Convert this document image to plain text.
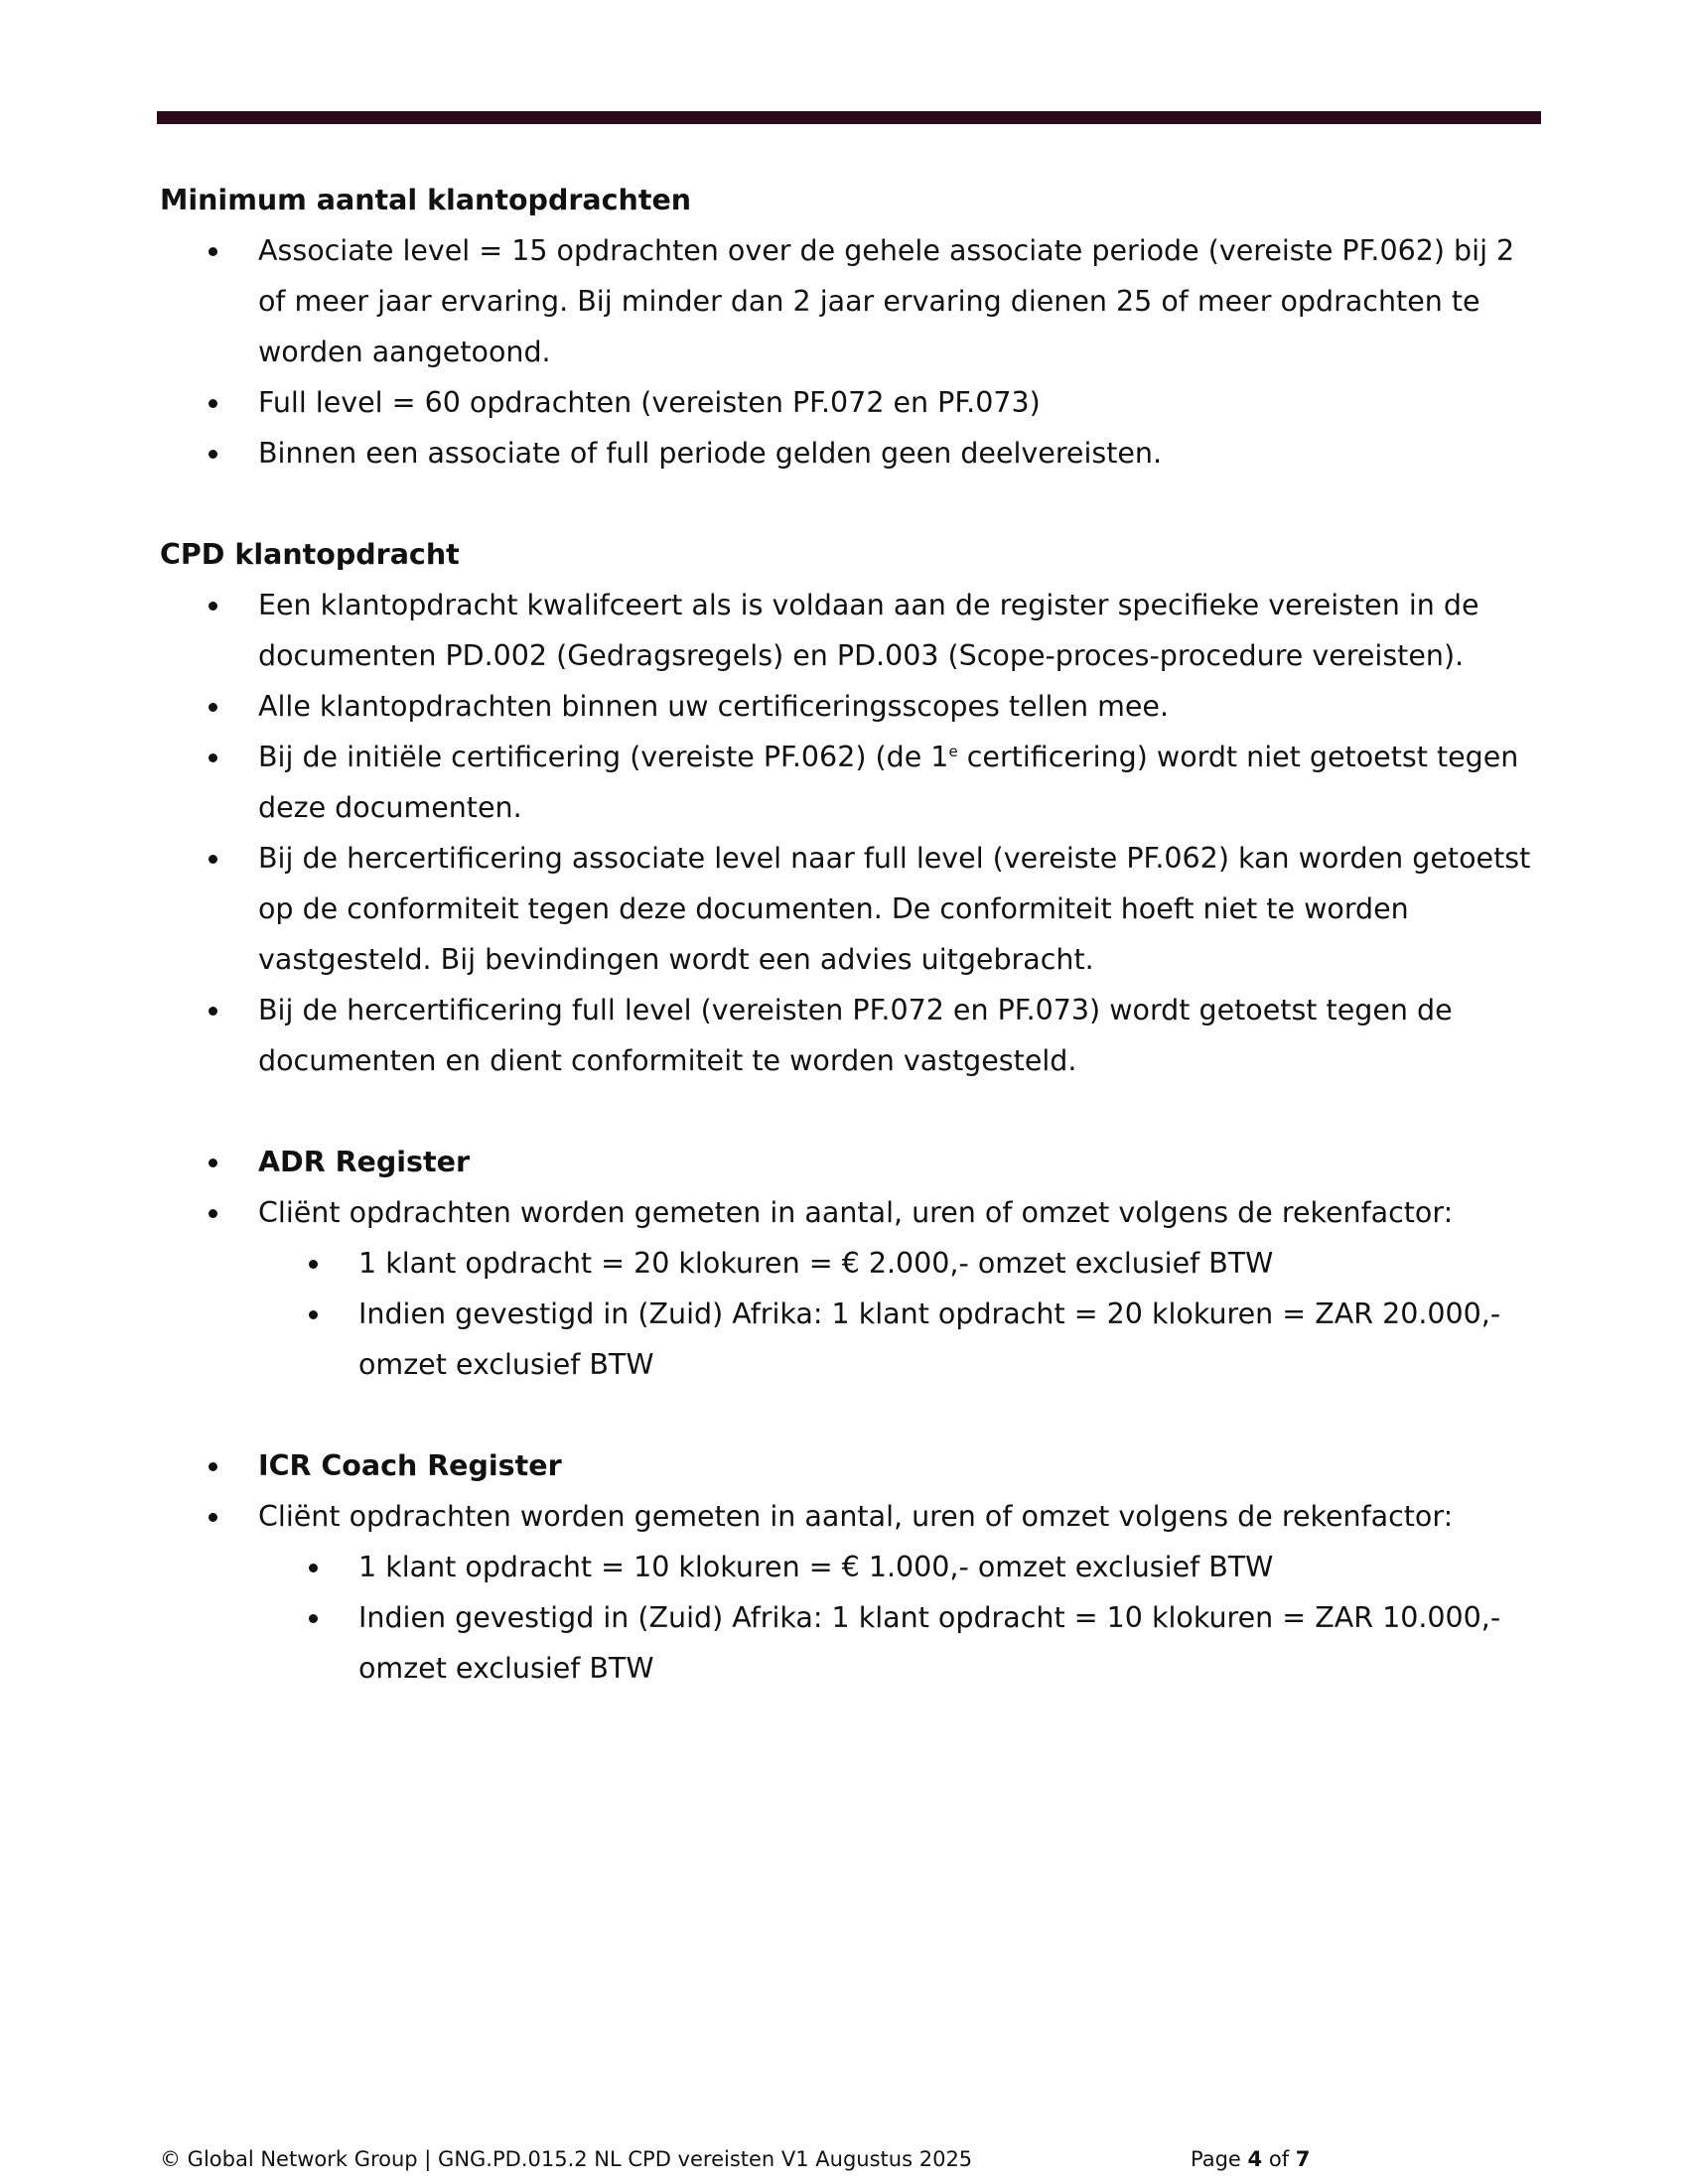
Minimum aantal klantopdrachten
Associate level = 15 opdrachten over de gehele associate periode (vereiste PF.062) bij 2 of meer jaar ervaring. Bij minder dan 2 jaar ervaring dienen 25 of meer opdrachten te worden aangetoond.
Full level = 60 opdrachten (vereisten PF.072 en PF.073)
Binnen een associate of full periode gelden geen deelvereisten.
CPD klantopdracht
Een klantopdracht kwalifceert als is voldaan aan de register specifieke vereisten in de documenten PD.002 (Gedragsregels) en PD.003 (Scope-proces-procedure vereisten).
Alle klantopdrachten binnen uw certificeringsscopes tellen mee.
Bij de initiële certificering (vereiste PF.062) (de 1e certificering) wordt niet getoetst tegen deze documenten.
Bij de hercertificering associate level naar full level (vereiste PF.062) kan worden getoetst op de conformiteit tegen deze documenten. De conformiteit hoeft niet te worden vastgesteld. Bij bevindingen wordt een advies uitgebracht.
Bij de hercertificering full level (vereisten PF.072 en PF.073) wordt getoetst tegen de documenten en dient conformiteit te worden vastgesteld.
ADR Register
Cliënt opdrachten worden gemeten in aantal, uren of omzet volgens de rekenfactor:
1 klant opdracht = 20 klokuren = € 2.000,- omzet exclusief BTW
Indien gevestigd in (Zuid) Afrika: 1 klant opdracht = 20 klokuren = ZAR 20.000,- omzet exclusief BTW
ICR Coach Register
Cliënt opdrachten worden gemeten in aantal, uren of omzet volgens de rekenfactor:
1 klant opdracht = 10 klokuren = € 1.000,- omzet exclusief BTW
Indien gevestigd in (Zuid) Afrika: 1 klant opdracht = 10 klokuren = ZAR 10.000,- omzet exclusief BTW
© Global Network Group | GNG.PD.015.2 NL CPD vereisten V1 Augustus 2025	Page 4 of 7
